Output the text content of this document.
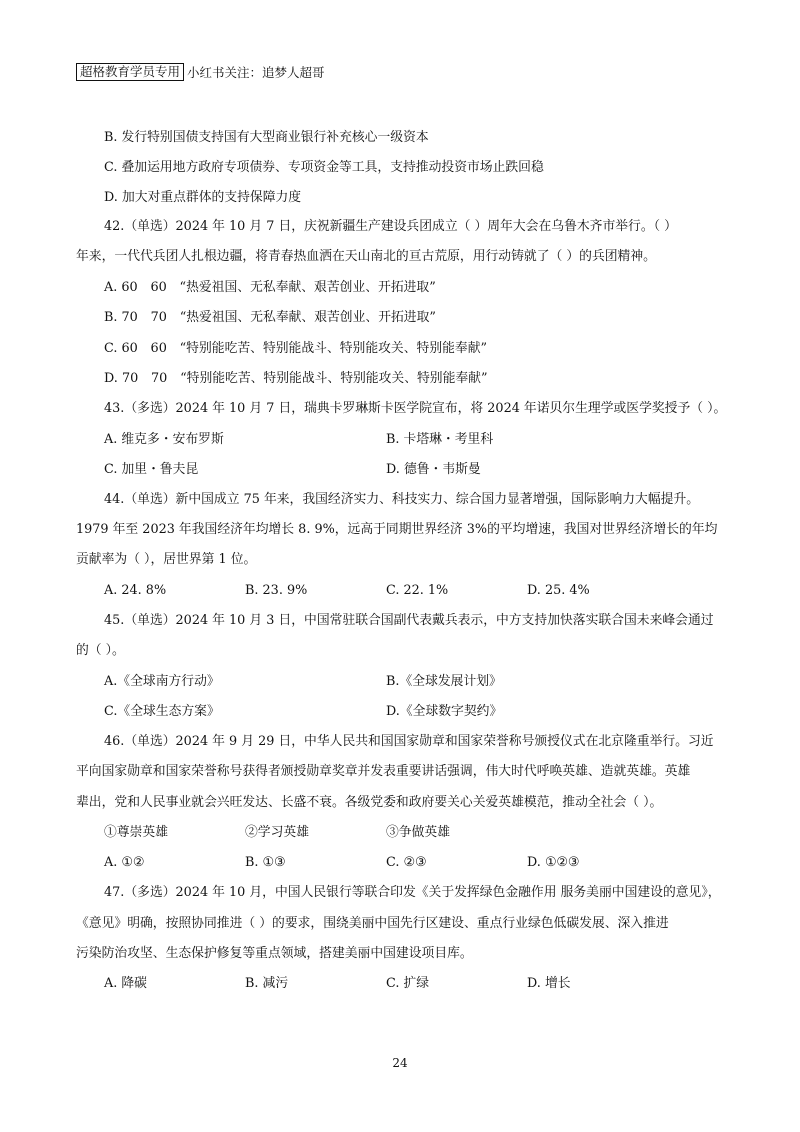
超格教育学员专用 小红书关注：追梦人超哥
B. 发行特别国债支持国有大型商业银行补充核心一级资本
C. 叠加运用地方政府专项债券、专项资金等工具，支持推动投资市场止跌回稳
D. 加大对重点群体的支持保障力度
42.（单选）2024 年 10 月 7 日，庆祝新疆生产建设兵团成立（ ）周年大会在乌鲁木齐市举行。（ ）
年来，一代代兵团人扎根边疆，将青春热血洒在天山南北的亘古荒原，用行动铸就了（ ）的兵团精神。
A. 60　60　“热爱祖国、无私奉献、艰苦创业、开拓进取”
B. 70　70　“热爱祖国、无私奉献、艰苦创业、开拓进取”
C. 60　60　“特别能吃苦、特别能战斗、特别能攻关、特别能奉献”
D. 70　70　“特别能吃苦、特别能战斗、特别能攻关、特别能奉献”
43.（多选）2024 年 10 月 7 日，瑞典卡罗琳斯卡医学院宣布，将 2024 年诺贝尔生理学或医学奖授予（ ）。
A. 维克多・安布罗斯	B. 卡塔琳・考里科
C. 加里・鲁夫昆	D. 德鲁・韦斯曼
44.（单选）新中国成立 75 年来，我国经济实力、科技实力、综合国力显著增强，国际影响力大幅提升。
1979 年至 2023 年我国经济年均增长 8. 9%，远高于同期世界经济 3%的平均增速，我国对世界经济增长的年均
贡献率为（ ），居世界第 1 位。
A. 24. 8%	B. 23. 9%	C. 22. 1%	D. 25. 4%
45.（单选）2024 年 10 月 3 日，中国常驻联合国副代表戴兵表示，中方支持加快落实联合国未来峰会通过
的（ ）。
A.《全球南方行动》	B.《全球发展计划》
C.《全球生态方案》	D.《全球数字契约》
46.（单选）2024 年 9 月 29 日，中华人民共和国国家勋章和国家荣誉称号颁授仪式在北京隆重举行。习近
平向国家勋章和国家荣誉称号获得者颁授勋章奖章并发表重要讲话强调，伟大时代呼唤英雄、造就英雄。英雄
辈出，党和人民事业就会兴旺发达、长盛不衰。各级党委和政府要关心关爱英雄模范，推动全社会（ ）。
①尊崇英雄	②学习英雄	③争做英雄
A. ①②	B. ①③	C. ②③	D. ①②③
47.（多选）2024 年 10 月，中国人民银行等联合印发《关于发挥绿色金融作用 服务美丽中国建设的意见》，
《意见》明确，按照协同推进（ ）的要求，围绕美丽中国先行区建设、重点行业绿色低碳发展、深入推进
污染防治攻坚、生态保护修复等重点领域，搭建美丽中国建设项目库。
A. 降碳	B. 减污	C. 扩绿	D. 增长
24
